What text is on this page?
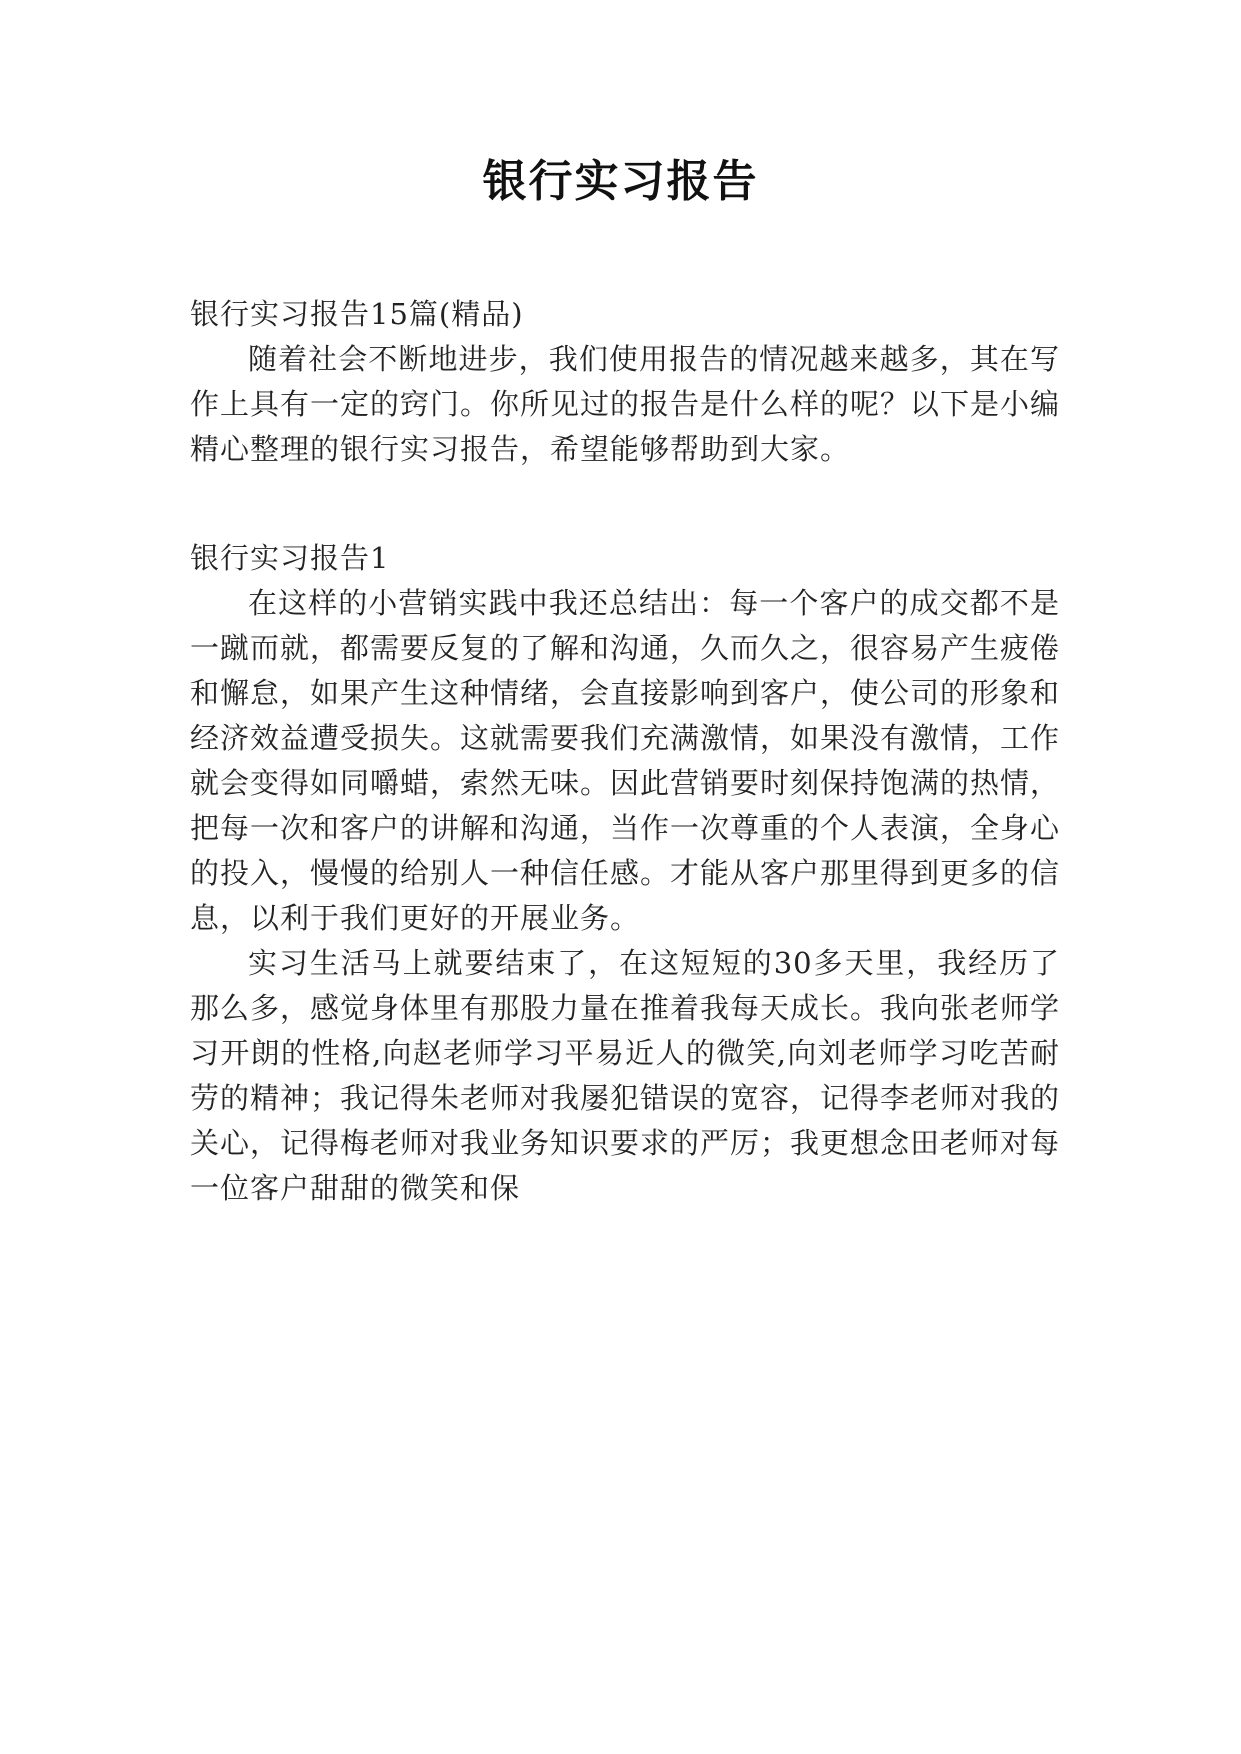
银行实习报告

银行实习报告15篇(精品)

随着社会不断地进步，我们使用报告的情况越来越多，其在写作上具有一定的窍门。你所见过的报告是什么样的呢？以下是小编精心整理的银行实习报告，希望能够帮助到大家。

银行实习报告1

在这样的小营销实践中我还总结出：每一个客户的成交都不是一蹴而就，都需要反复的了解和沟通，久而久之，很容易产生疲倦和懈怠，如果产生这种情绪，会直接影响到客户，使公司的形象和经济效益遭受损失。这就需要我们充满激情，如果没有激情，工作就会变得如同嚼蜡，索然无味。因此营销要时刻保持饱满的热情，把每一次和客户的讲解和沟通，当作一次尊重的个人表演，全身心的投入，慢慢的给别人一种信任感。才能从客户那里得到更多的信息，以利于我们更好的开展业务。

实习生活马上就要结束了，在这短短的30多天里，我经历了那么多，感觉身体里有那股力量在推着我每天成长。我向张老师学习开朗的性格,向赵老师学习平易近人的微笑,向刘老师学习吃苦耐劳的精神；我记得朱老师对我屡犯错误的宽容，记得李老师对我的关心，记得梅老师对我业务知识要求的严厉；我更想念田老师对每一位客户甜甜的微笑和保
